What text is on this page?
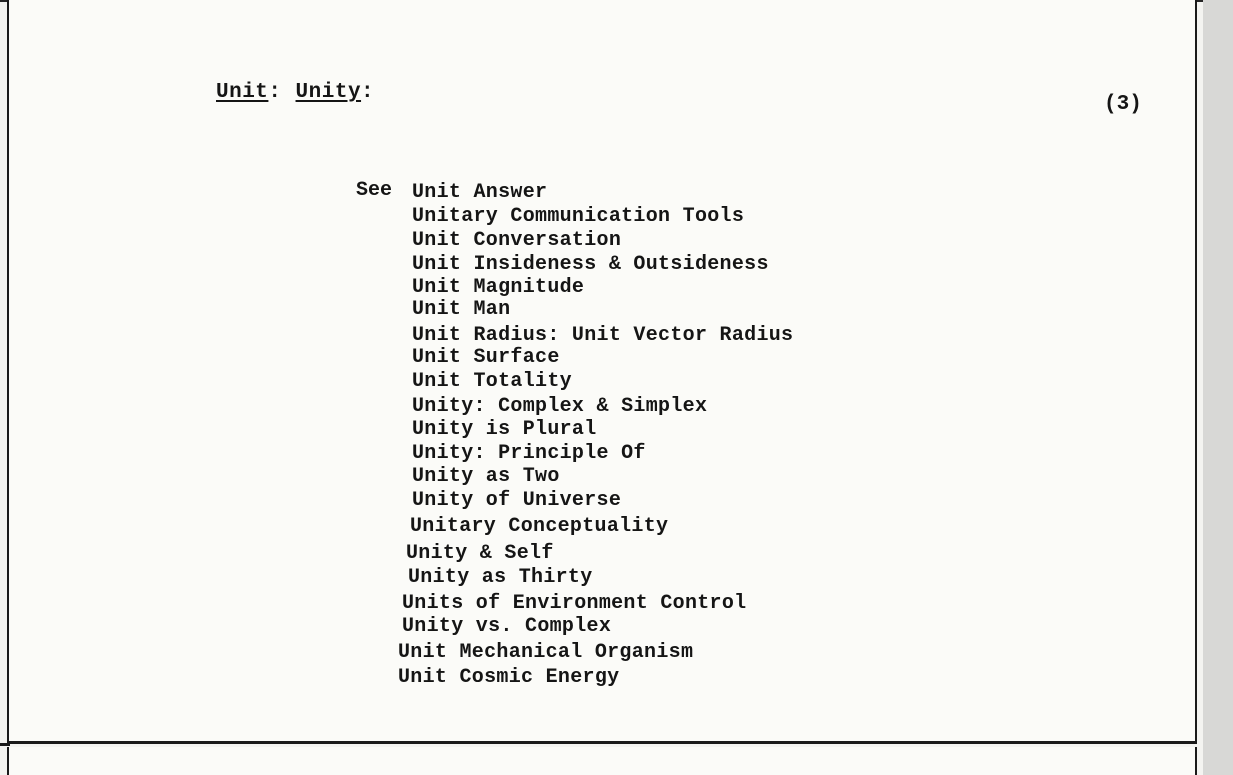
Unit: Unity:
(3)
See Unit Answer
Unitary Communication Tools
Unit Conversation
Unit Insideness & Outsideness
Unit Magnitude
Unit Man
Unit Radius: Unit Vector Radius
Unit Surface
Unit Totality
Unity: Complex & Simplex
Unity is Plural
Unity: Principle Of
Unity as Two
Unity of Universe
Unitary Conceptuality
Unity & Self
Unity as Thirty
Units of Environment Control
Unity vs. Complex
Unit Mechanical Organism
Unit Cosmic Energy
